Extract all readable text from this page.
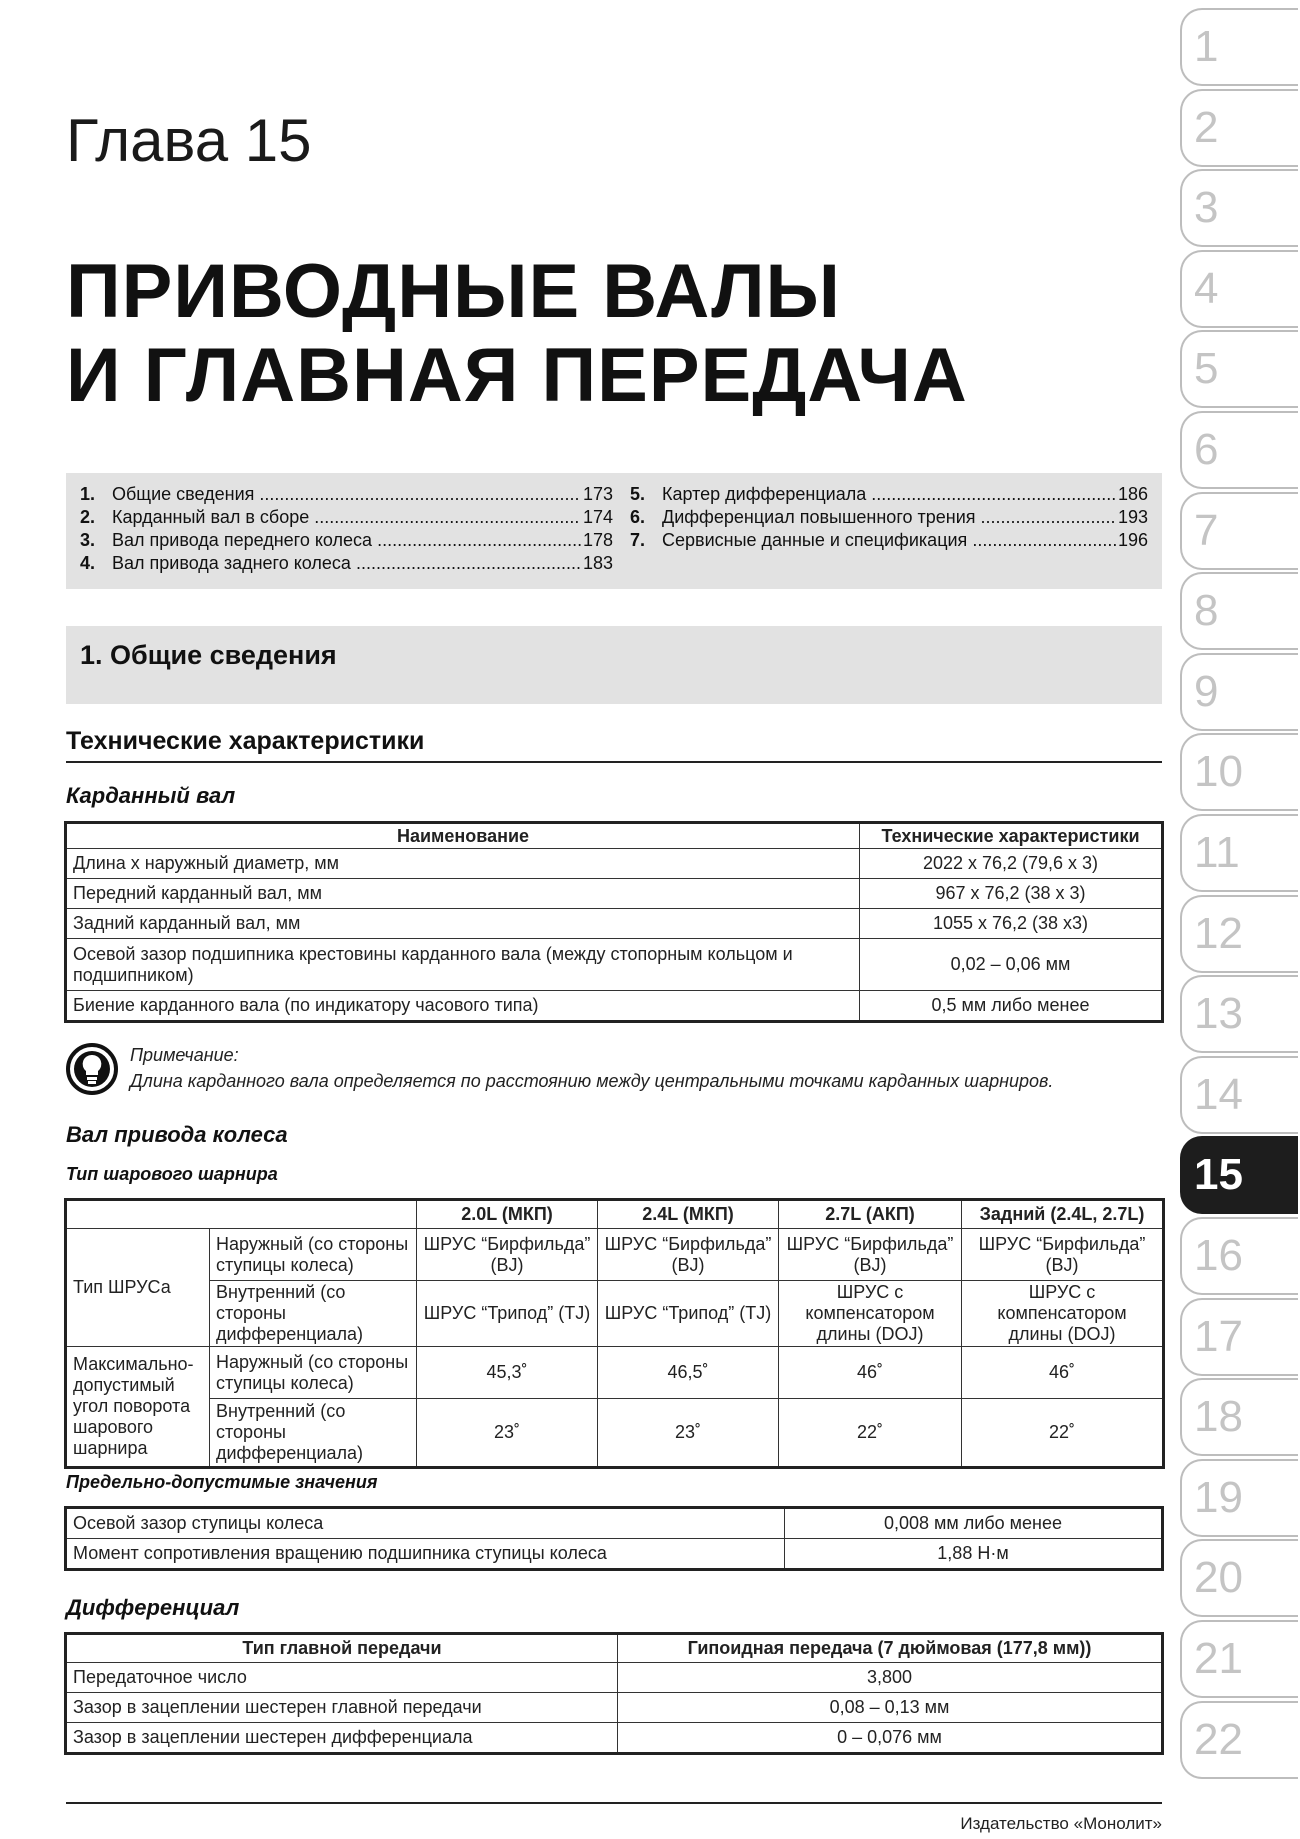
1
2
3
4
5
6
7
8
9
10
11
12
13
14
15
16
17
18
19
20
21
22
Глава 15
ПРИВОДНЫЕ ВАЛЫ
И ГЛАВНАЯ ПЕРЕДАЧА
1. Общие сведения .....	173
2. Карданный вал в сборе .....	174
3. Вал привода переднего колеса .....	178
4. Вал привода заднего колеса .....	183
5. Картер дифференциала .....	186
6. Дифференциал повышенного трения .....	193
7. Сервисные данные и спецификация .....	196
1. Общие сведения
Технические характеристики
Карданный вал
Наименование	Технические характеристики
Длина х наружный диаметр, мм	2022 х 76,2 (79,6 х 3)
Передний карданный вал, мм	967 х 76,2 (38 х 3)
Задний карданный вал, мм	1055 х 76,2 (38 х3)
Осевой зазор подшипника крестовины карданного вала (между стопорным кольцом и подшипником)	0,02 – 0,06 мм
Биение карданного вала (по индикатору часового типа)	0,5 мм либо менее
Примечание:
Длина карданного вала определяется по расстоянию между центральными точками карданных шарниров.
Вал привода колеса
Тип шарового шарнира
		2.0L (МКП)	2.4L (МКП)	2.7L (АКП)	Задний (2.4L, 2.7L)
Тип ШРУСа	Наружный (со стороны ступицы колеса)	ШРУС “Бирфильда” (BJ)	ШРУС “Бирфильда” (BJ)	ШРУС “Бирфильда” (BJ)	ШРУС “Бирфильда” (BJ)
	Внутренний (со стороны дифференциала)	ШРУС “Трипод” (TJ)	ШРУС “Трипод” (TJ)	ШРУС с компенсатором длины (DOJ)	ШРУС с компенсатором длины (DOJ)
Максимально-допустимый угол поворота шарового шарнира	Наружный (со стороны ступицы колеса)	45,3˚	46,5˚	46˚	46˚
	Внутренний (со стороны дифференциала)	23˚	23˚	22˚	22˚
Предельно-допустимые значения
Осевой зазор ступицы колеса	0,008 мм либо менее
Момент сопротивления вращению подшипника ступицы колеса	1,88 Н·м
Дифференциал
Тип главной передачи	Гипоидная передача (7 дюймовая (177,8 мм))
Передаточное число	3,800
Зазор в зацеплении шестерен главной передачи	0,08 – 0,13 мм
Зазор в зацеплении шестерен дифференциала	0 – 0,076 мм
Издательство «Монолит»
